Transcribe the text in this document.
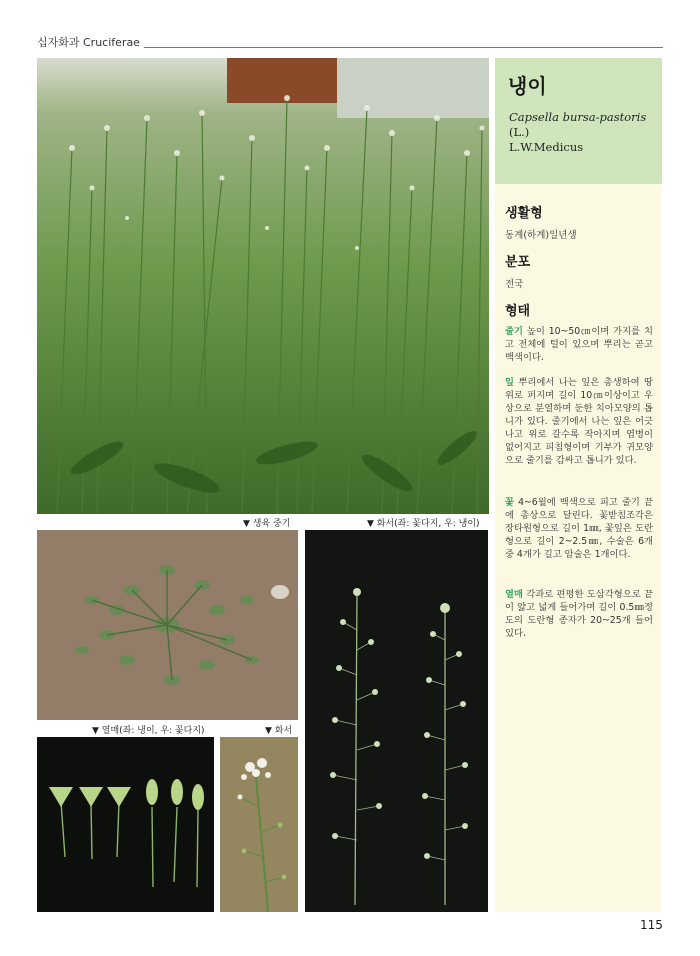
십자화과 Cruciferae
▼ 생육 중기	▼ 화서(좌: 꽃다지, 우: 냉이)
▼ 열매(좌: 냉이, 우: 꽃다지)	▼ 화서
냉이
Capsella bursa-pastoris (L.)
L.W.Medicus
생활형
동계(하계)일년생
분포
전국
형태
줄기 높이 10~50㎝이며 가지를 치고 전체에 털이 있으며 뿌리는 곧고 백색이다.
잎 뿌리에서 나는 잎은 총생하여 땅 위로 퍼지며 길이 10㎝이상이고 우상으로 분열하며 둔한 치아모양의 톱니가 있다. 줄기에서 나는 잎은 어긋나고 위로 갈수록 작아지며 엽병이 없어지고 피침형이며 기부가 귀모양으로 줄기를 감싸고 톱니가 있다.
꽃 4~6월에 백색으로 피고 줄기 끝에 총상으로 달린다. 꽃받침조각은 장타원형으로 길이 1㎜, 꽃잎은 도란형으로 길이 2~2.5㎜, 수술은 6개중 4개가 길고 암술은 1개이다.
열매 각과로 편평한 도삼각형으로 끝이 얇고 넓게 들어가며 길이 0.5㎜정도의 도란형 종자가 20~25개 들어 있다.
115
